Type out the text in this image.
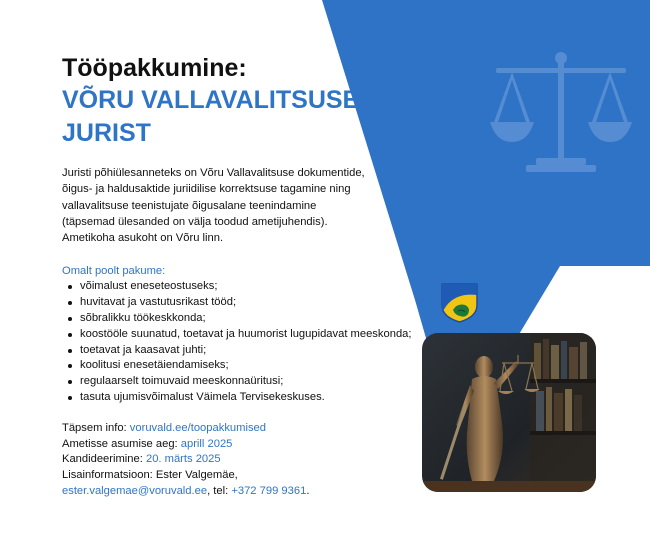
Tööpakkumine:
VÕRU VALLAVALITSUSE
JURIST
Juristi põhiülesanneteks on Võru Vallavalitsuse dokumentide,
õigus- ja haldusaktide juriidilise korrektsuse tagamine ning
vallavalitsuse teenistujate õigusalane teenindamine
(täpsemad ülesanded on välja toodud ametijuhendis).
Ametikoha asukoht on Võru linn.
Omalt poolt pakume:
võimalust eneseteostuseks;
huvitavat ja vastutusrikast tööd;
sõbralikku töökeskkonda;
koostööle suunatud, toetavat ja huumorist lugupidavat meeskonda;
toetavat ja kaasavat juhti;
koolitusi enesetäiendamiseks;
regulaarselt toimuvaid meeskonnaüritusi;
tasuta ujumisvõimalust Väimela Tervisekeskuses.
Täpsem info: voruvald.ee/toopakkumised
Ametisse asumise aeg: aprill 2025
Kandideerimine: 20. märts 2025
Lisainformatsioon: Ester Valgemäe,
ester.valgemae@voruvald.ee, tel: +372 799 9361.
